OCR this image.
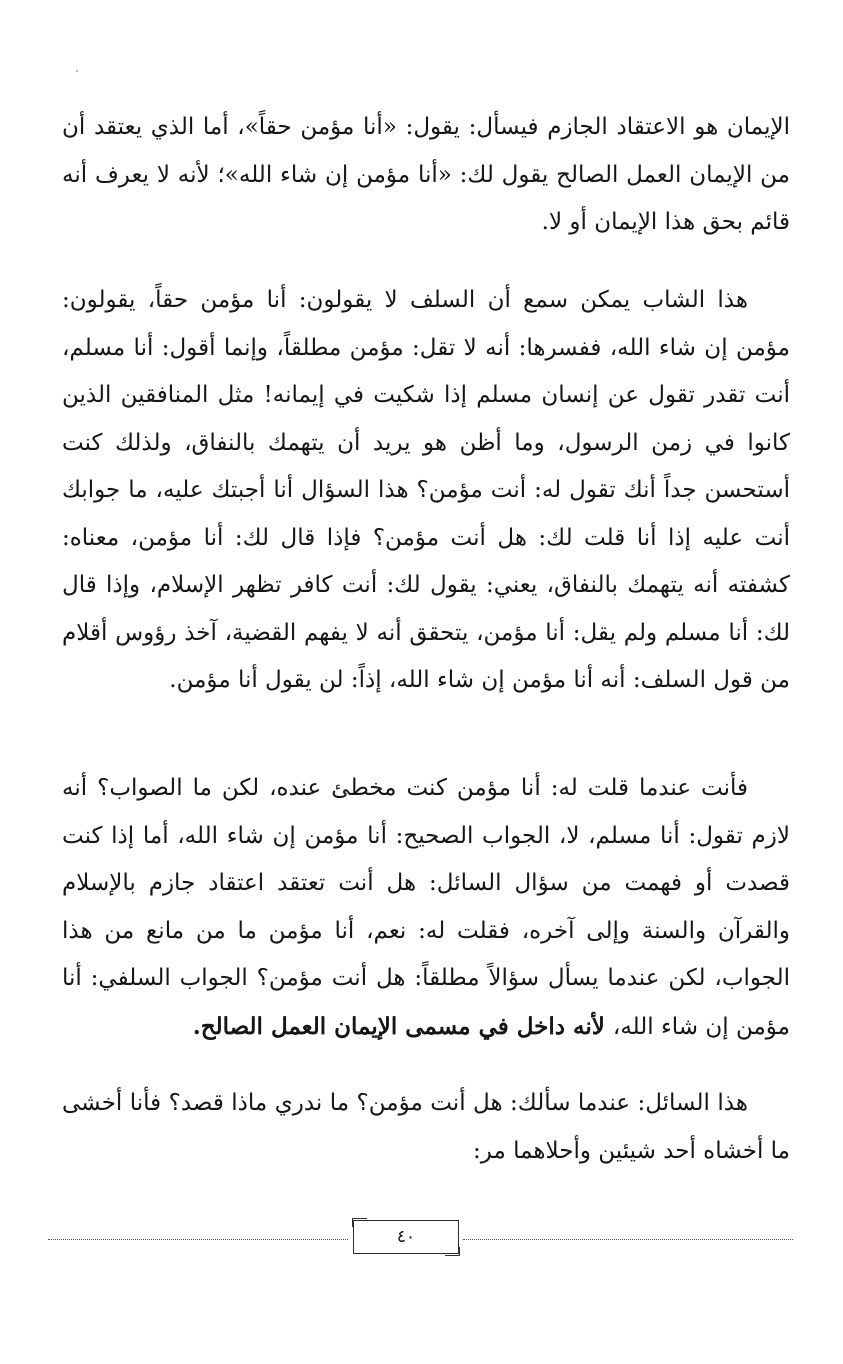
الإيمان هو الاعتقاد الجازم فيسأل: يقول: «أنا مؤمن حقاً»، أما الذي يعتقد أن من الإيمان العمل الصالح يقول لك: «أنا مؤمن إن شاء الله»؛ لأنه لا يعرف أنه قائم بحق هذا الإيمان أو لا.

هذا الشاب يمكن سمع أن السلف لا يقولون: أنا مؤمن حقاً، يقولون: مؤمن إن شاء الله، ففسرها: أنه لا تقل: مؤمن مطلقاً، وإنما أقول: أنا مسلم، أنت تقدر تقول عن إنسان مسلم إذا شكيت في إيمانه! مثل المنافقين الذين كانوا في زمن الرسول، وما أظن هو يريد أن يتهمك بالنفاق، ولذلك كنت أستحسن جداً أنك تقول له: أنت مؤمن؟ هذا السؤال أنا أجبتك عليه، ما جوابك أنت عليه إذا أنا قلت لك: هل أنت مؤمن؟ فإذا قال لك: أنا مؤمن، معناه: كشفته أنه يتهمك بالنفاق، يعني: يقول لك: أنت كافر تظهر الإسلام، وإذا قال لك: أنا مسلم ولم يقل: أنا مؤمن، يتحقق أنه لا يفهم القضية، آخذ رؤوس أقلام من قول السلف: أنه أنا مؤمن إن شاء الله، إذاً: لن يقول أنا مؤمن.

فأنت عندما قلت له: أنا مؤمن كنت مخطئ عنده، لكن ما الصواب؟ أنه لازم تقول: أنا مسلم، لا، الجواب الصحيح: أنا مؤمن إن شاء الله، أما إذا كنت قصدت أو فهمت من سؤال السائل: هل أنت تعتقد اعتقاد جازم بالإسلام والقرآن والسنة وإلى آخره، فقلت له: نعم، أنا مؤمن ما من مانع من هذا الجواب، لكن عندما يسأل سؤالاً مطلقاً: هل أنت مؤمن؟ الجواب السلفي: أنا مؤمن إن شاء الله، لأنه داخل في مسمى الإيمان العمل الصالح.

هذا السائل: عندما سألك: هل أنت مؤمن؟ ما ندري ماذا قصد؟ فأنا أخشى ما أخشاه أحد شيئين وأحلاهما مر:

٤٠
